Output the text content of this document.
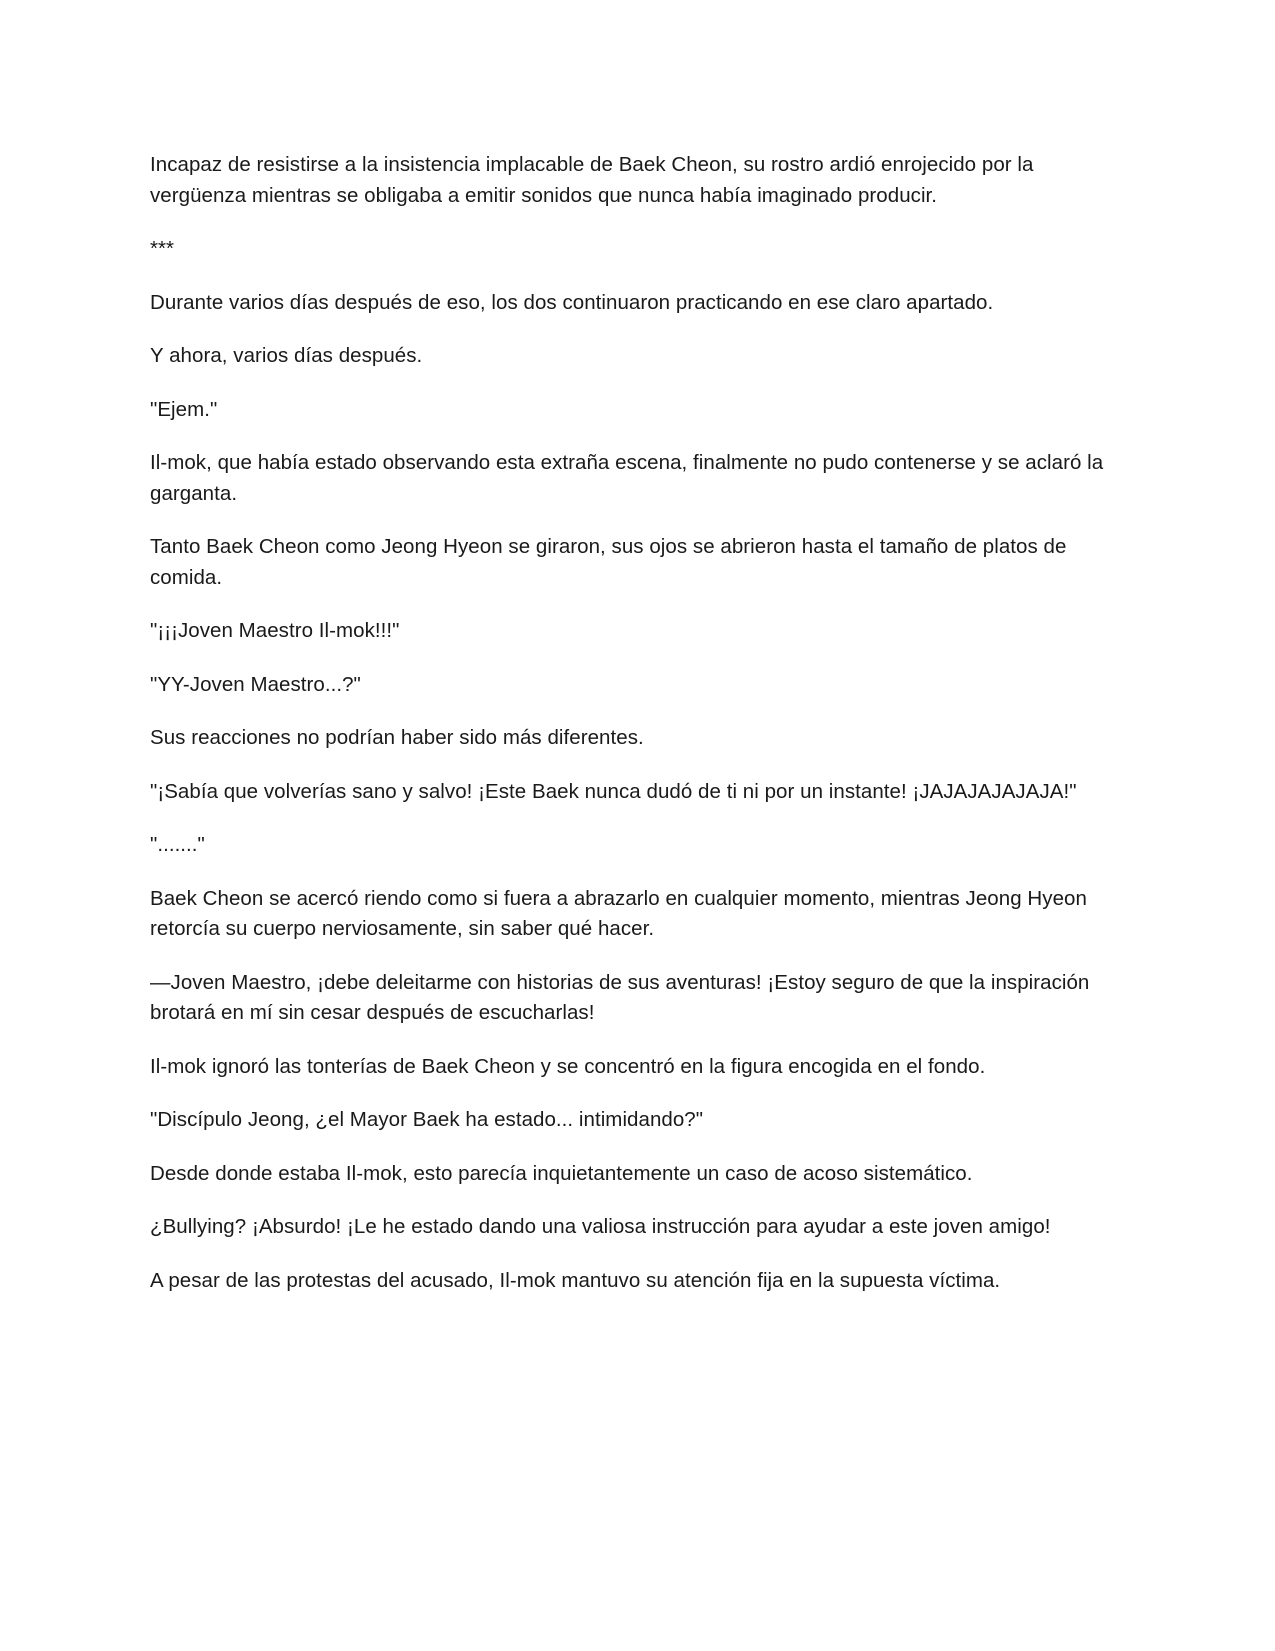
Incapaz de resistirse a la insistencia implacable de Baek Cheon, su rostro ardió enrojecido por la vergüenza mientras se obligaba a emitir sonidos que nunca había imaginado producir.

***

Durante varios días después de eso, los dos continuaron practicando en ese claro apartado.

Y ahora, varios días después.

"Ejem."

Il-mok, que había estado observando esta extraña escena, finalmente no pudo contenerse y se aclaró la garganta.

Tanto Baek Cheon como Jeong Hyeon se giraron, sus ojos se abrieron hasta el tamaño de platos de comida.

"¡¡¡Joven Maestro Il-mok!!!"

"YY-Joven Maestro...?"

Sus reacciones no podrían haber sido más diferentes.

"¡Sabía que volverías sano y salvo! ¡Este Baek nunca dudó de ti ni por un instante! ¡JAJAJAJAJAJA!"

"......."

Baek Cheon se acercó riendo como si fuera a abrazarlo en cualquier momento, mientras Jeong Hyeon retorcía su cuerpo nerviosamente, sin saber qué hacer.

—Joven Maestro, ¡debe deleitarme con historias de sus aventuras! ¡Estoy seguro de que la inspiración brotará en mí sin cesar después de escucharlas!

Il-mok ignoró las tonterías de Baek Cheon y se concentró en la figura encogida en el fondo.

"Discípulo Jeong, ¿el Mayor Baek ha estado... intimidando?"

Desde donde estaba Il-mok, esto parecía inquietantemente un caso de acoso sistemático.

¿Bullying? ¡Absurdo! ¡Le he estado dando una valiosa instrucción para ayudar a este joven amigo!

A pesar de las protestas del acusado, Il-mok mantuvo su atención fija en la supuesta víctima.
